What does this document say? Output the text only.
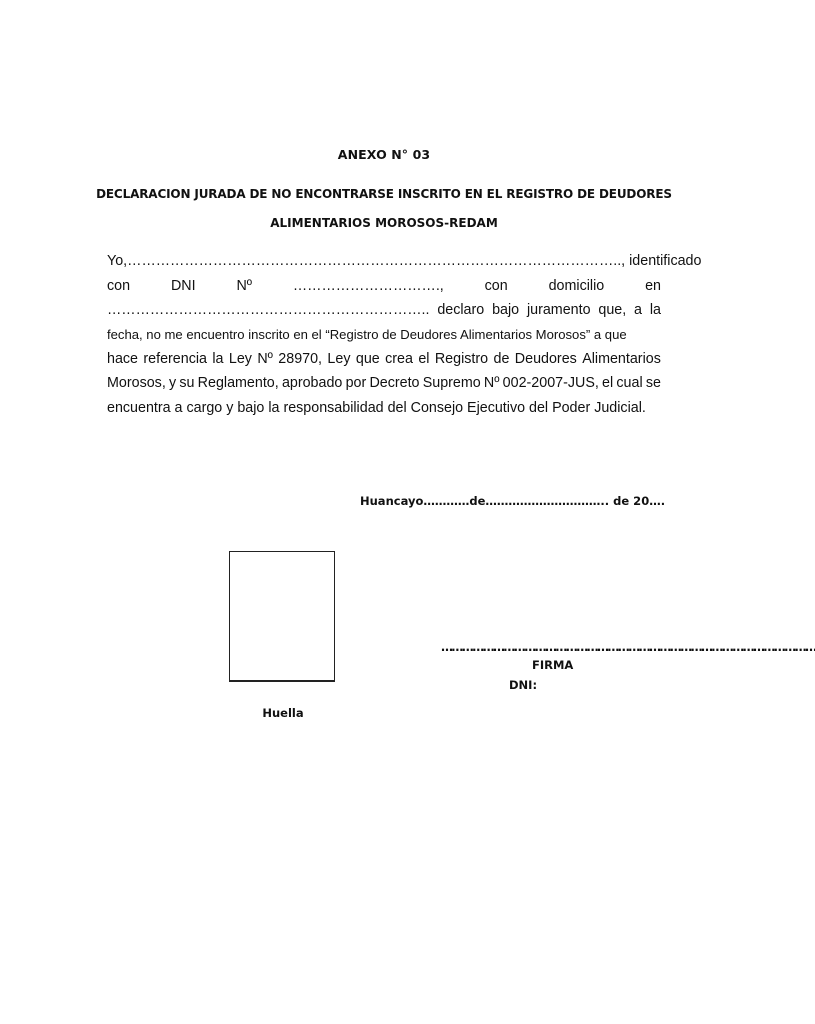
ANEXO N° 03
DECLARACION JURADA DE NO ENCONTRARSE INSCRITO EN EL REGISTRO DE DEUDORES
ALIMENTARIOS MOROSOS-REDAM
Yo,………………………………………………………………………………………….., identificado
con	DNI	Nº	………………………….,	con	domicilio	en
………………………………………………………….. declaro bajo juramento que, a la
fecha, no me encuentro inscrito en el “Registro de Deudores Alimentarios Morosos” a que
hace referencia la Ley Nº 28970, Ley que crea el Registro de Deudores Alimentarios
Morosos, y su Reglamento, aprobado por Decreto Supremo Nº 002-2007-JUS, el cual se
encuentra a cargo y bajo la responsabilidad del Consejo Ejecutivo del Poder Judicial.
Huancayo…………de………………………….. de 20….
Huella
………………………………………………………………………………………………
FIRMA
DNI:
